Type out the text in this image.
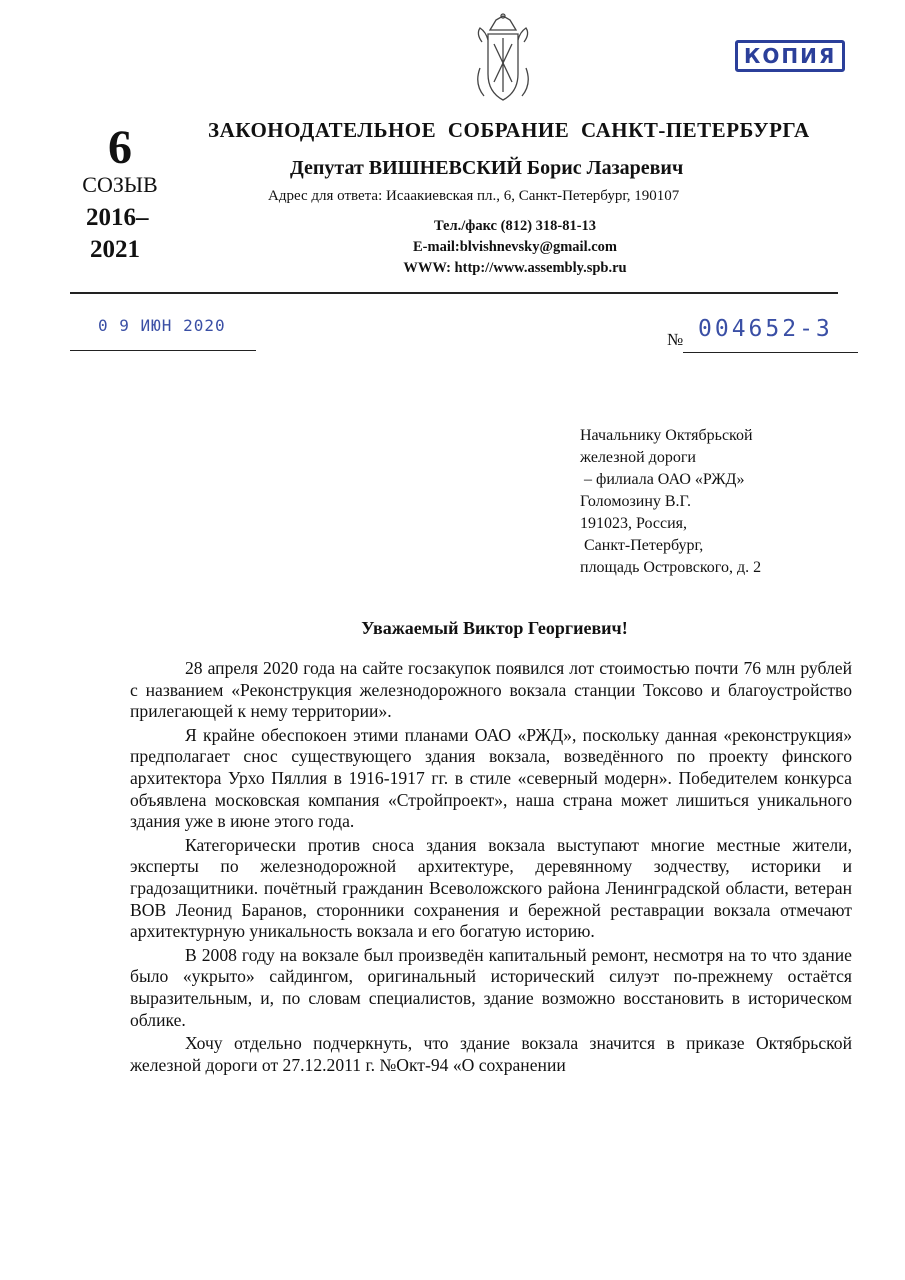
КОПИЯ
6
СОЗЫВ
2016–
2021
ЗАКОНОДАТЕЛЬНОЕ СОБРАНИЕ САНКТ-ПЕТЕРБУРГА
Депутат ВИШНЕВСКИЙ Борис Лазаревич
Адрес для ответа: Исаакиевская пл., 6, Санкт-Петербург, 190107
Тел./факс (812) 318-81-13
E-mail:blvishnevsky@gmail.com
WWW: http://www.assembly.spb.ru
0 9 ИЮН 2020
№ 004652-3
Начальнику Октябрьской
железной дороги
– филиала ОАО «РЖД»
Голомозину В.Г.
191023, Россия,
Санкт-Петербург,
площадь Островского, д. 2
Уважаемый Виктор Георгиевич!

28 апреля 2020 года на сайте госзакупок появился лот стоимостью почти 76 млн рублей с названием «Реконструкция железнодорожного вокзала станции Токсово и благоустройство прилегающей к нему территории».

Я крайне обеспокоен этими планами ОАО «РЖД», поскольку данная «реконструкция» предполагает снос существующего здания вокзала, возведённого по проекту финского архитектора Урхо Пяллия в 1916-1917 гг. в стиле «северный модерн». Победителем конкурса объявлена московская компания «Стройпроект», наша страна может лишиться уникального здания уже в июне этого года.

Категорически против сноса здания вокзала выступают многие местные жители, эксперты по железнодорожной архитектуре, деревянному зодчеству, историки и градозащитники. почётный гражданин Всеволожского района Ленинградской области, ветеран ВОВ Леонид Баранов, сторонники сохранения и бережной реставрации вокзала отмечают архитектурную уникальность вокзала и его богатую историю.

В 2008 году на вокзале был произведён капитальный ремонт, несмотря на то что здание было «укрыто» сайдингом, оригинальный исторический силуэт по-прежнему остаётся выразительным, и, по словам специалистов, здание возможно восстановить в историческом облике.

Хочу отдельно подчеркнуть, что здание вокзала значится в приказе Октябрьской железной дороги от 27.12.2011 г. №Окт-94 «О сохранении
